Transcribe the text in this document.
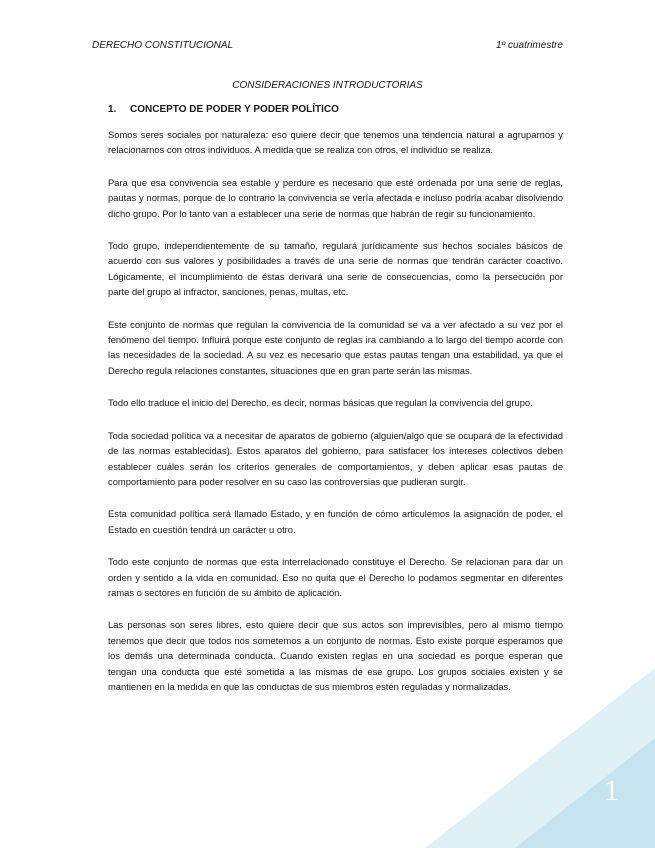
DERECHO CONSTITUCIONAL	1º cuatrimestre
CONSIDERACIONES INTRODUCTORIAS
1. CONCEPTO DE PODER Y PODER POLÍTICO

Somos seres sociales por naturaleza: eso quiere decir que tenemos una tendencia natural a agruparnos y relacionarnos con otros individuos. A medida que se realiza con otros, el individuo se realiza.

Para que esa convivencia sea estable y perdure es necesario que esté ordenada por una serie de reglas, pautas y normas, porque de lo contrario la convivencia se vería afectada e incluso podría acabar disolviendo dicho grupo. Por lo tanto van a establecer una serie de normas que habrán de regir su funcionamiento.

Todo grupo, independientemente de su tamaño, regulará jurídicamente sus hechos sociales básicos de acuerdo con sus valores y posibilidades a través de una serie de normas que tendrán carácter coactivo. Lógicamente, el incumplimiento de éstas derivará una serie de consecuencias, como la persecución por parte del grupo al infractor, sanciones, penas, multas, etc.

Este conjunto de normas que regulan la convivencia de la comunidad se va a ver afectado a su vez por el fenómeno del tiempo. Influirá porque este conjunto de reglas ira cambiando a lo largo del tiempo acorde con las necesidades de la sociedad. A su vez es necesario que estas pautas tengan una estabilidad, ya que el Derecho regula relaciones constantes, situaciones que en gran parte serán las mismas.

Todo ello traduce el inicio del Derecho, es decir, normas básicas que regulan la convivencia del grupo.

Toda sociedad política va a necesitar de aparatos de gobierno (alguien/algo que se ocupará de la efectividad de las normas establecidas). Estos aparatos del gobierno, para satisfacer los intereses colectivos deben establecer cuáles serán los criterios generales de comportamientos, y deben aplicar esas pautas de comportamiento para poder resolver en su caso las controversias que pudieran surgir.

Esta comunidad política será llamado Estado, y en función de cómo articulemos la asignación de poder, el Estado en cuestión tendrá un carácter u otro.

Todo este conjunto de normas que esta interrelacionado constituye el Derecho. Se relacionan para dar un orden y sentido a la vida en comunidad. Eso no quita que el Derecho lo podamos segmentar en diferentes ramas o sectores en función de su ámbito de aplicación.

Las personas son seres libres, esto quiere decir que sus actos son imprevisibles, pero al mismo tiempo tenemos que decir que todos nos sometemos a un conjunto de normas. Esto existe porque esperamos que los demás una determinada conducta. Cuando existen reglas en una sociedad es porque esperan que tengan una conducta que esté sometida a las mismas de ese grupo. Los grupos sociales existen y se mantienen en la medida en que las conductas de sus miembros estén reguladas y normalizadas.

1
